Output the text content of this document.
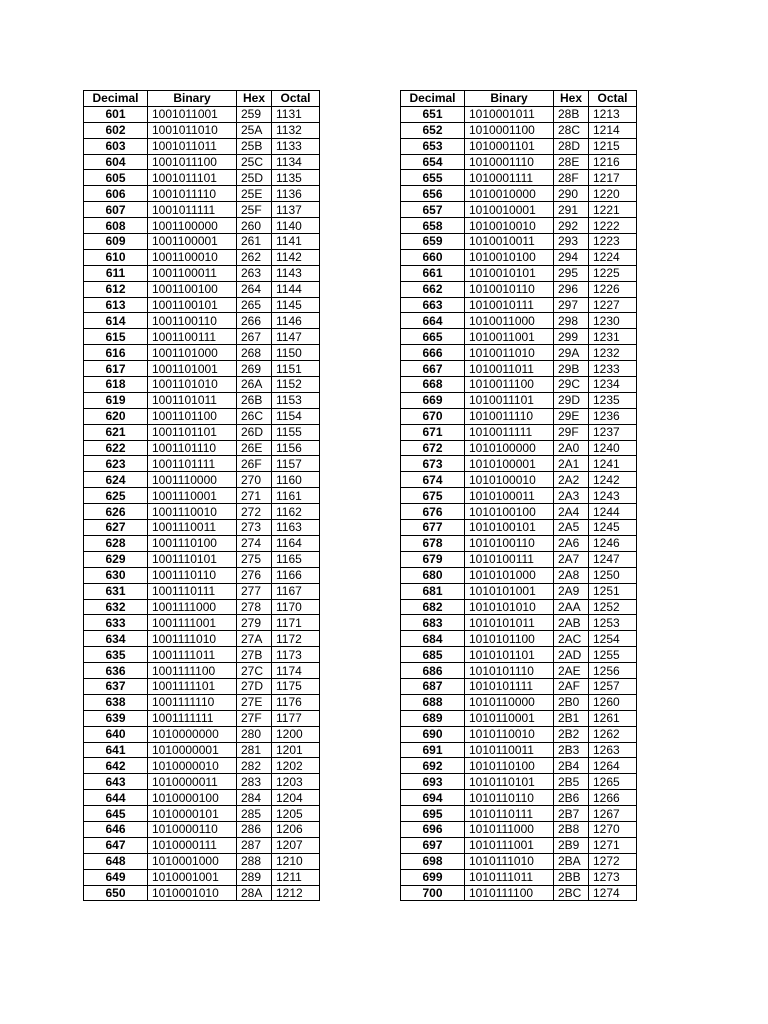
Decimal	Binary	Hex	Octal
601	1001011001	259	1131
602	1001011010	25A	1132
603	1001011011	25B	1133
604	1001011100	25C	1134
605	1001011101	25D	1135
606	1001011110	25E	1136
607	1001011111	25F	1137
608	1001100000	260	1140
609	1001100001	261	1141
610	1001100010	262	1142
611	1001100011	263	1143
612	1001100100	264	1144
613	1001100101	265	1145
614	1001100110	266	1146
615	1001100111	267	1147
616	1001101000	268	1150
617	1001101001	269	1151
618	1001101010	26A	1152
619	1001101011	26B	1153
620	1001101100	26C	1154
621	1001101101	26D	1155
622	1001101110	26E	1156
623	1001101111	26F	1157
624	1001110000	270	1160
625	1001110001	271	1161
626	1001110010	272	1162
627	1001110011	273	1163
628	1001110100	274	1164
629	1001110101	275	1165
630	1001110110	276	1166
631	1001110111	277	1167
632	1001111000	278	1170
633	1001111001	279	1171
634	1001111010	27A	1172
635	1001111011	27B	1173
636	1001111100	27C	1174
637	1001111101	27D	1175
638	1001111110	27E	1176
639	1001111111	27F	1177
640	1010000000	280	1200
641	1010000001	281	1201
642	1010000010	282	1202
643	1010000011	283	1203
644	1010000100	284	1204
645	1010000101	285	1205
646	1010000110	286	1206
647	1010000111	287	1207
648	1010001000	288	1210
649	1010001001	289	1211
650	1010001010	28A	1212
Decimal	Binary	Hex	Octal
651	1010001011	28B	1213
652	1010001100	28C	1214
653	1010001101	28D	1215
654	1010001110	28E	1216
655	1010001111	28F	1217
656	1010010000	290	1220
657	1010010001	291	1221
658	1010010010	292	1222
659	1010010011	293	1223
660	1010010100	294	1224
661	1010010101	295	1225
662	1010010110	296	1226
663	1010010111	297	1227
664	1010011000	298	1230
665	1010011001	299	1231
666	1010011010	29A	1232
667	1010011011	29B	1233
668	1010011100	29C	1234
669	1010011101	29D	1235
670	1010011110	29E	1236
671	1010011111	29F	1237
672	1010100000	2A0	1240
673	1010100001	2A1	1241
674	1010100010	2A2	1242
675	1010100011	2A3	1243
676	1010100100	2A4	1244
677	1010100101	2A5	1245
678	1010100110	2A6	1246
679	1010100111	2A7	1247
680	1010101000	2A8	1250
681	1010101001	2A9	1251
682	1010101010	2AA	1252
683	1010101011	2AB	1253
684	1010101100	2AC	1254
685	1010101101	2AD	1255
686	1010101110	2AE	1256
687	1010101111	2AF	1257
688	1010110000	2B0	1260
689	1010110001	2B1	1261
690	1010110010	2B2	1262
691	1010110011	2B3	1263
692	1010110100	2B4	1264
693	1010110101	2B5	1265
694	1010110110	2B6	1266
695	1010110111	2B7	1267
696	1010111000	2B8	1270
697	1010111001	2B9	1271
698	1010111010	2BA	1272
699	1010111011	2BB	1273
700	1010111100	2BC	1274
